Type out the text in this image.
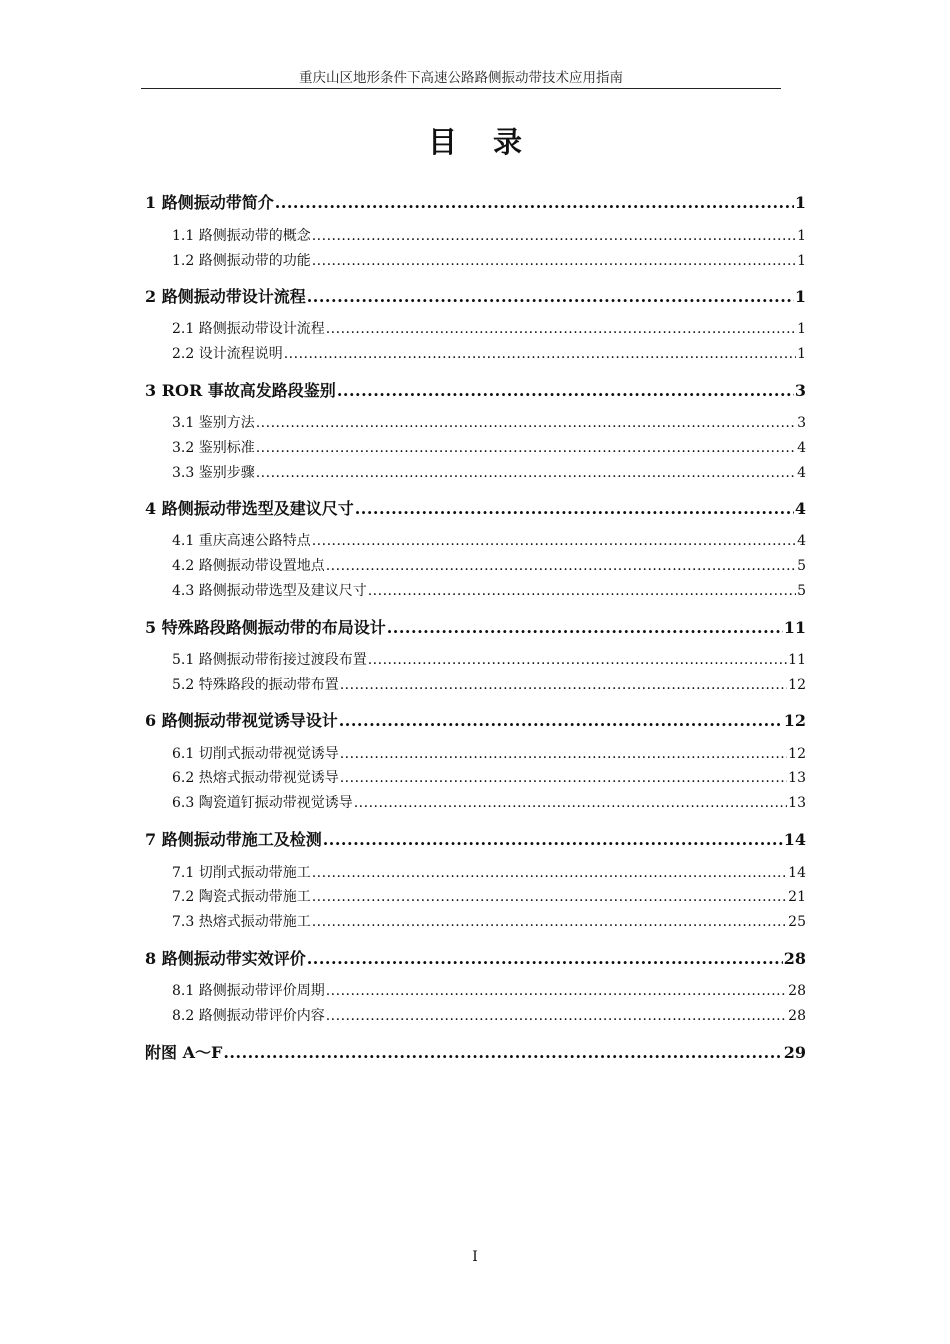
重庆山区地形条件下高速公路路侧振动带技术应用指南
目录
1 路侧振动带简介 .....	1
1.1 路侧振动带的概念 .....	1
1.2 路侧振动带的功能 .....	1
2 路侧振动带设计流程 .....	1
2.1 路侧振动带设计流程 .....	1
2.2 设计流程说明 .....	1
3 ROR 事故高发路段鉴别 .....	3
3.1 鉴别方法 .....	3
3.2 鉴别标准 .....	4
3.3 鉴别步骤 .....	4
4 路侧振动带选型及建议尺寸 .....	4
4.1 重庆高速公路特点 .....	4
4.2 路侧振动带设置地点 .....	5
4.3 路侧振动带选型及建议尺寸 .....	5
5 特殊路段路侧振动带的布局设计 .....	11
5.1 路侧振动带衔接过渡段布置 .....	11
5.2 特殊路段的振动带布置 .....	12
6 路侧振动带视觉诱导设计 .....	12
6.1 切削式振动带视觉诱导 .....	12
6.2 热熔式振动带视觉诱导 .....	13
6.3 陶瓷道钉振动带视觉诱导 .....	13
7 路侧振动带施工及检测 .....	14
7.1 切削式振动带施工 .....	14
7.2 陶瓷式振动带施工 .....	21
7.3 热熔式振动带施工 .....	25
8 路侧振动带实效评价 .....	28
8.1 路侧振动带评价周期 .....	28
8.2 路侧振动带评价内容 .....	28
附图 A～F .....	29
I
